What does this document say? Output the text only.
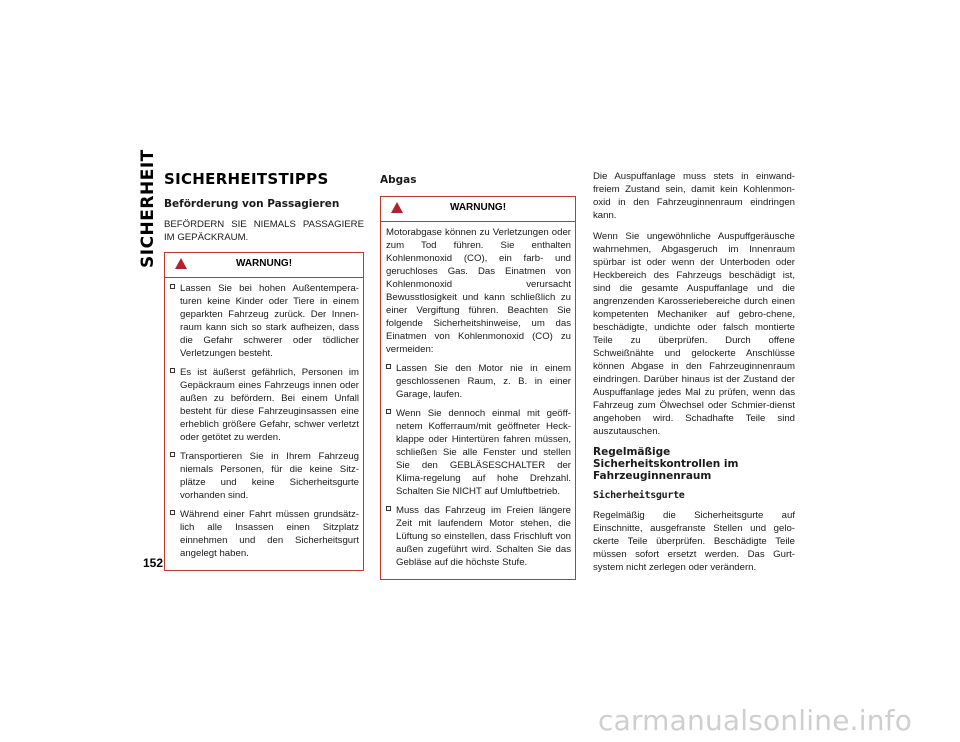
SICHERHEIT
152
SICHERHEITSTIPPS
Beförderung von Passagieren

BEFÖRDERN SIE NIEMALS PASSAGIERE IM GEPÄCKRAUM.

WARNUNG!
Lassen Sie bei hohen Außentempera-turen keine Kinder oder Tiere in einem geparkten Fahrzeug zurück. Der Innen-raum kann sich so stark aufheizen, dass die Gefahr schwerer oder tödlicher Verletzungen besteht.
Es ist äußerst gefährlich, Personen im Gepäckraum eines Fahrzeugs innen oder außen zu befördern. Bei einem Unfall besteht für diese Fahrzeuginsassen eine erheblich größere Gefahr, schwer verletzt oder getötet zu werden.
Transportieren Sie in Ihrem Fahrzeug niemals Personen, für die keine Sitz-plätze und keine Sicherheitsgurte vorhanden sind.
Während einer Fahrt müssen grundsätz-lich alle Insassen einen Sitzplatz einnehmen und den Sicherheitsgurt angelegt haben.
Abgas
WARNUNG!

Motorabgase können zu Verletzungen oder zum Tod führen. Sie enthalten Kohlenmonoxid (CO), ein farb- und geruchloses Gas. Das Einatmen von Kohlenmonoxid verursacht Bewusstlosigkeit und kann schließlich zu einer Vergiftung führen. Beachten Sie folgende Sicherheitshinweise, um das Einatmen von Kohlenmonoxid (CO) zu vermeiden:

Lassen Sie den Motor nie in einem geschlossenen Raum, z. B. in einer Garage, laufen.
Wenn Sie dennoch einmal mit geöff-netem Kofferraum/mit geöffneter Heck-klappe oder Hintertüren fahren müssen, schließen Sie alle Fenster und stellen Sie den GEBLÄSESCHALTER der Klima-regelung auf hohe Drehzahl. Schalten Sie NICHT auf Umluftbetrieb.
Muss das Fahrzeug im Freien längere Zeit mit laufendem Motor stehen, die Lüftung so einstellen, dass Frischluft von außen zugeführt wird. Schalten Sie das Gebläse auf die höchste Stufe.

Die Auspuffanlage muss stets in einwand-freiem Zustand sein, damit kein Kohlenmon-oxid in den Fahrzeuginnenraum eindringen kann.

Wenn Sie ungewöhnliche Auspuffgeräusche wahrnehmen, Abgasgeruch im Innenraum spürbar ist oder wenn der Unterboden oder Heckbereich des Fahrzeugs beschädigt ist, sind die gesamte Auspuffanlage und die angrenzenden Karosseriebereiche durch einen kompetenten Mechaniker auf gebro-chene, beschädigte, undichte oder falsch montierte Teile zu überprüfen. Durch offene Schweißnähte und gelockerte Anschlüsse können Abgase in den Fahrzeuginnenraum eindringen. Darüber hinaus ist der Zustand der Auspuffanlage jedes Mal zu prüfen, wenn das Fahrzeug zum Ölwechsel oder Schmier-dienst angehoben wird. Schadhafte Teile sind auszutauschen.

Regelmäßige Sicherheitskontrollen im Fahrzeuginnenraum
Sicherheitsgurte

Regelmäßig die Sicherheitsgurte auf Einschnitte, ausgefranste Stellen und gelo-ckerte Teile überprüfen. Beschädigte Teile müssen sofort ersetzt werden. Das Gurt-system nicht zerlegen oder verändern.

carmanualsonline.info
